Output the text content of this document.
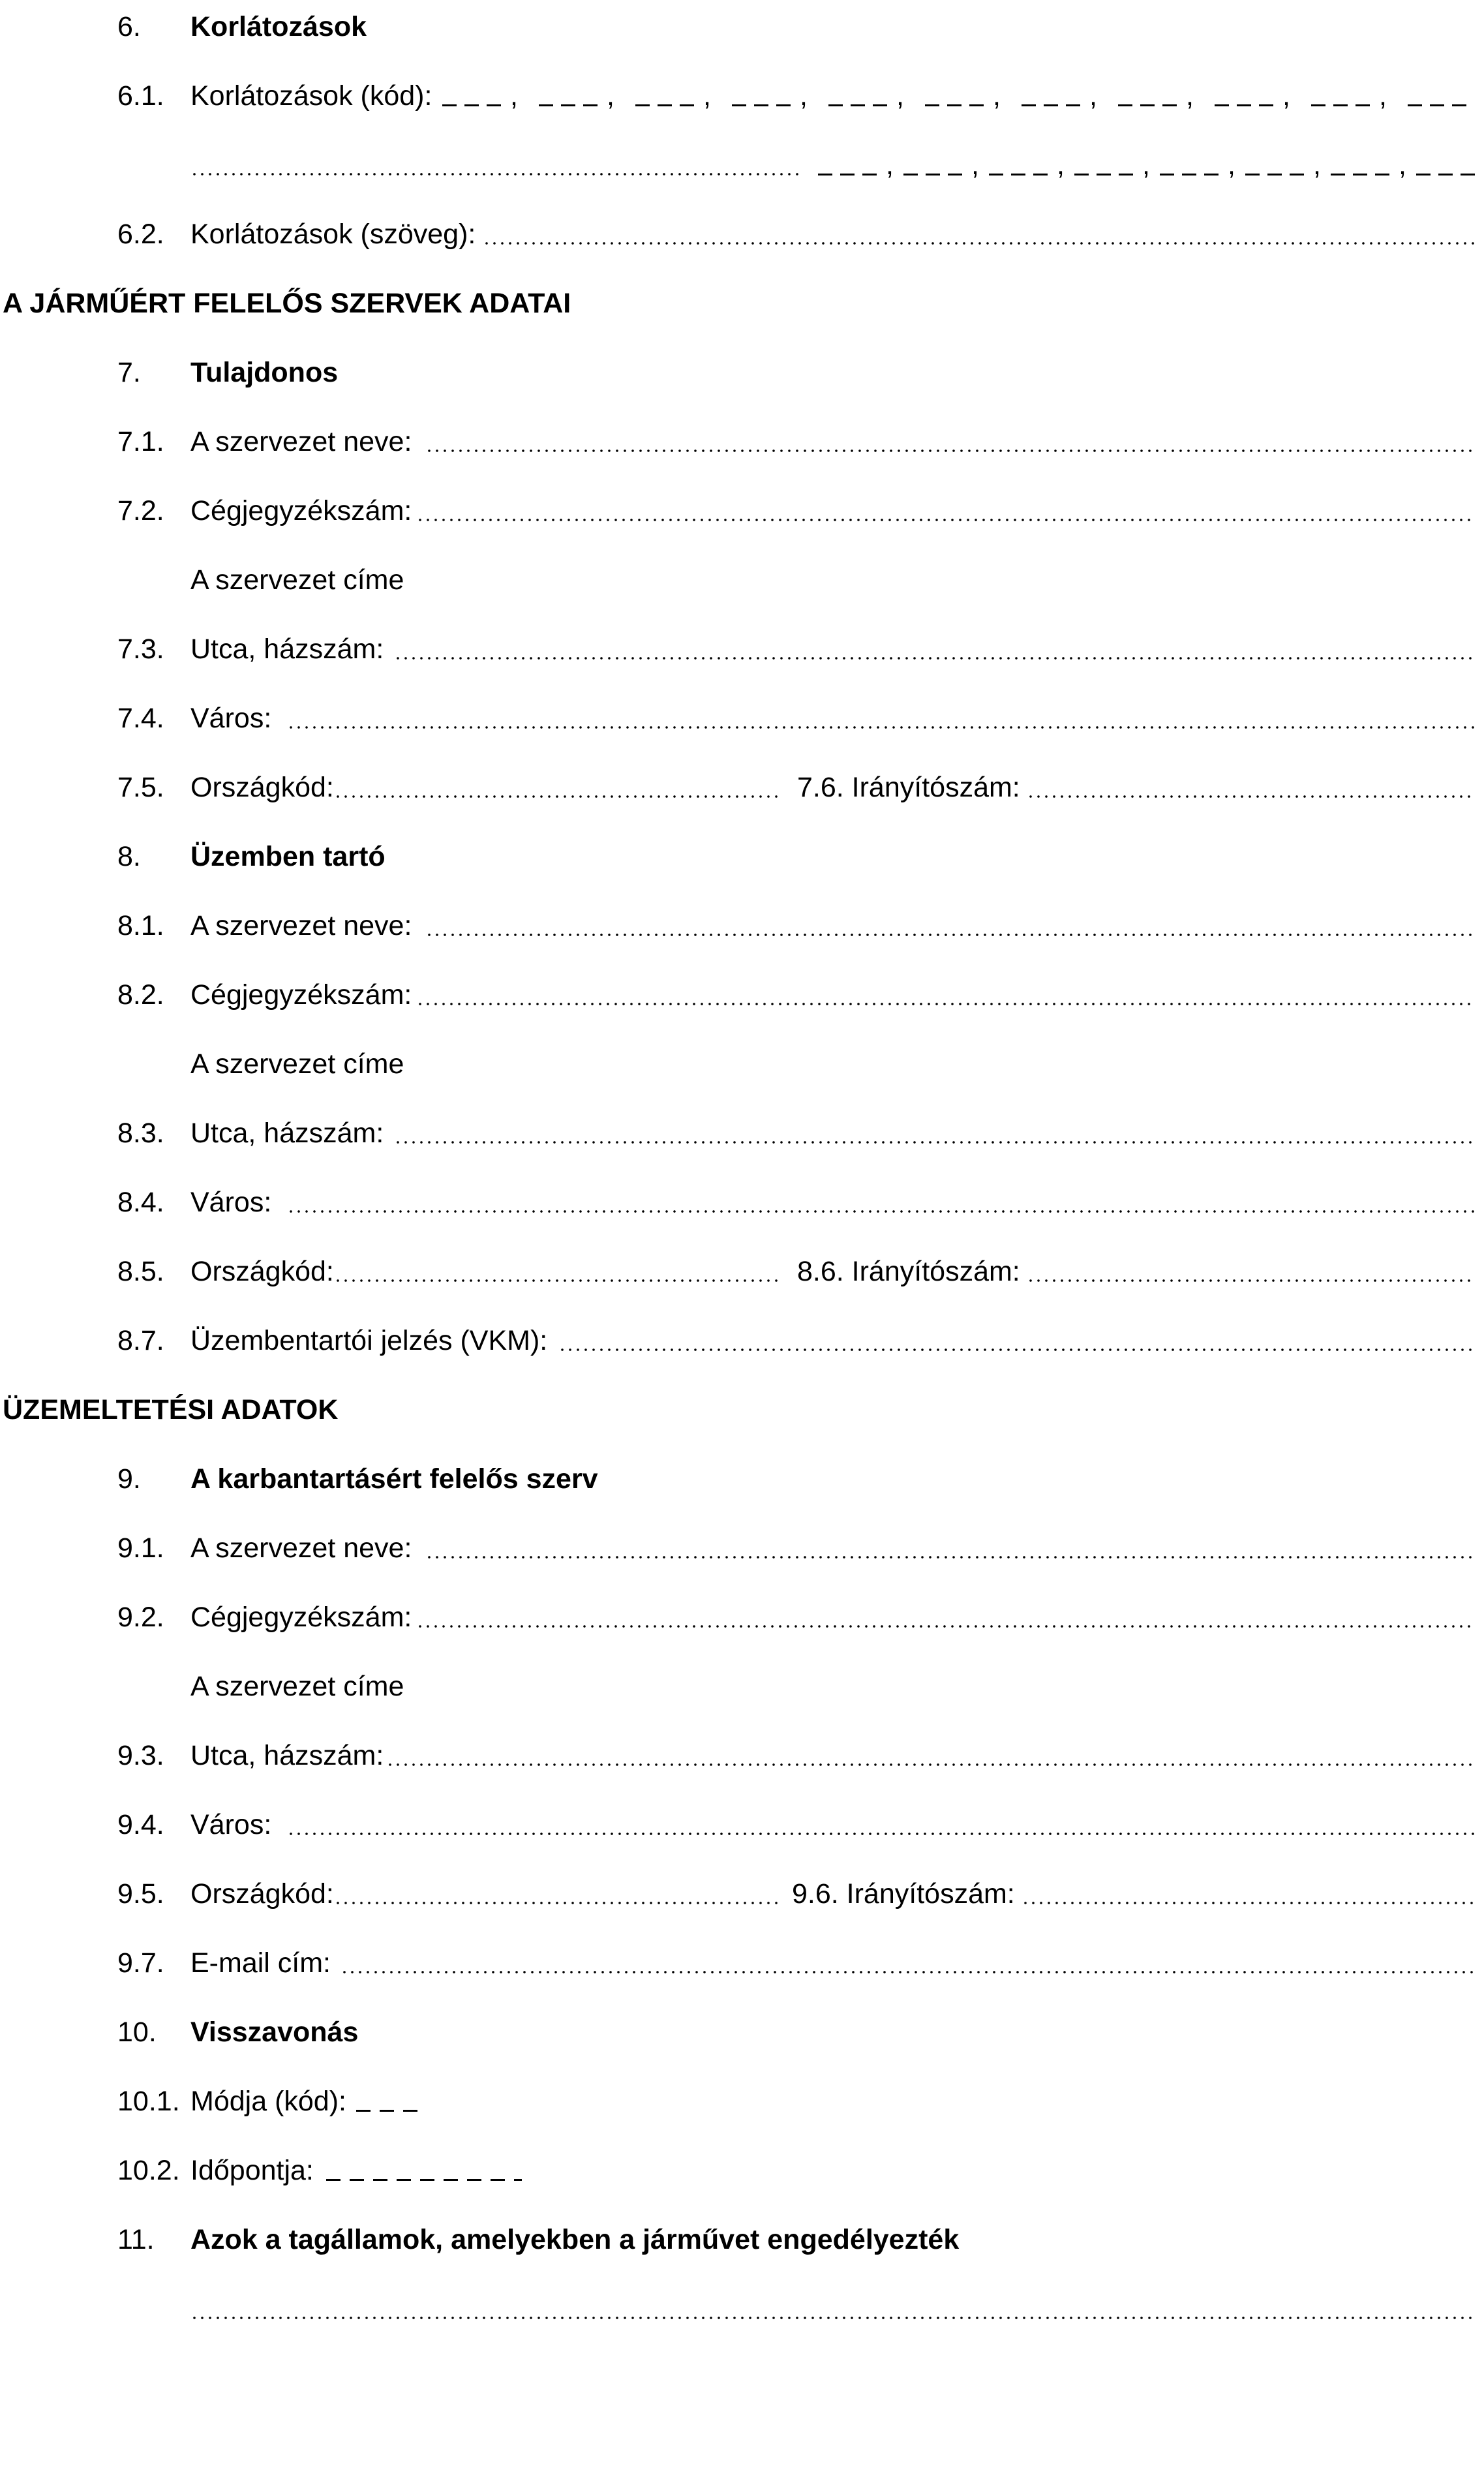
6. Korlátozások
6.1. Korlátozások (kód):	,	,	,	,	,	,	,	,	,	,
,	,	,	,	,	,	,
6.2. Korlátozások (szöveg):
A JÁRMŰÉRT FELELŐS SZERVEK ADATAI
7. Tulajdonos
7.1. A szervezet neve:
7.2. Cégjegyzékszám:
A szervezet címe
7.3. Utca, házszám:
7.4. Város:
7.5. Országkód:	7.6. Irányítószám:
8. Üzemben tartó
8.1. A szervezet neve:
8.2. Cégjegyzékszám:
A szervezet címe
8.3. Utca, házszám:
8.4. Város:
8.5. Országkód:	8.6. Irányítószám:
8.7. Üzembentartói jelzés (VKM):
ÜZEMELTETÉSI ADATOK
9. A karbantartásért felelős szerv
9.1. A szervezet neve:
9.2. Cégjegyzékszám:
A szervezet címe
9.3. Utca, házszám:
9.4. Város:
9.5. Országkód:	9.6. Irányítószám:
9.7. E-mail cím:
10. Visszavonás
10.1. Módja (kód):
10.2. Időpontja:
11. Azok a tagállamok, amelyekben a járművet engedélyezték
